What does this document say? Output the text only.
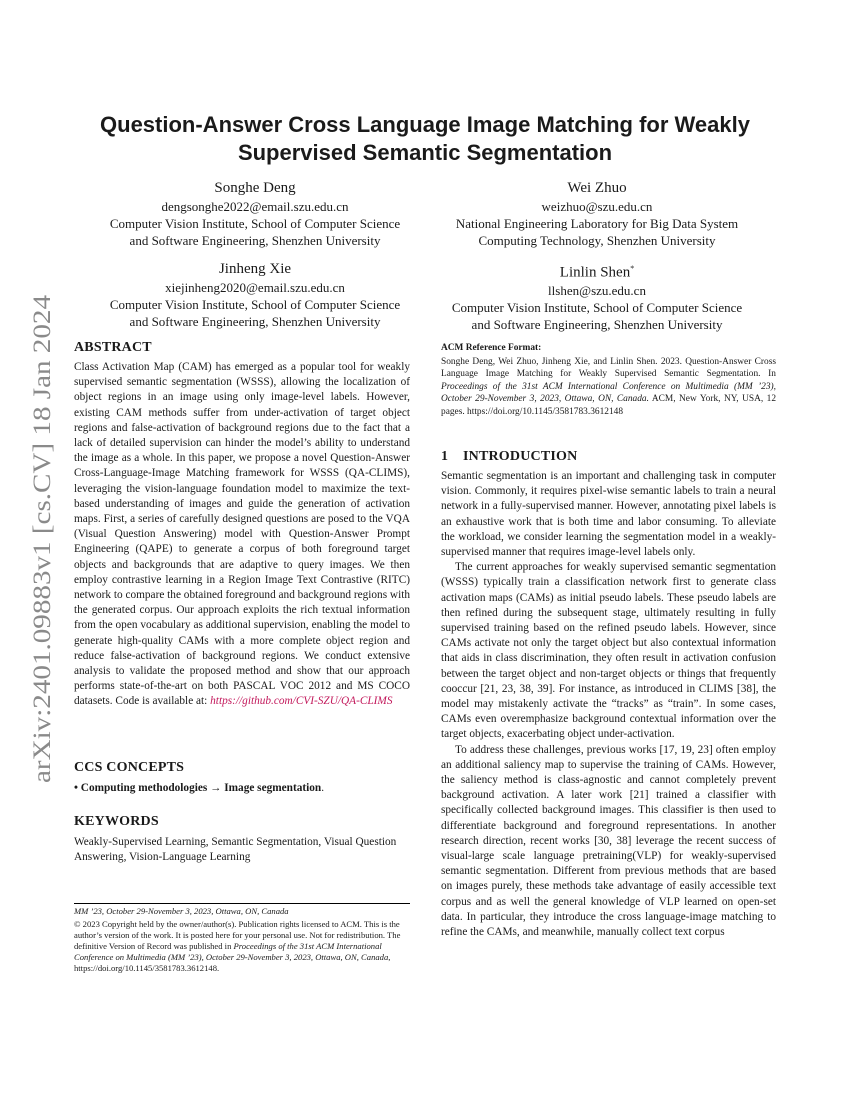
arXiv:2401.09883v1 [cs.CV] 18 Jan 2024
Question-Answer Cross Language Image Matching for Weakly Supervised Semantic Segmentation
Songhe Deng
dengsonghe2022@email.szu.edu.cn
Computer Vision Institute, School of Computer Science
and Software Engineering, Shenzhen University
Wei Zhuo
weizhuo@szu.edu.cn
National Engineering Laboratory for Big Data System
Computing Technology, Shenzhen University
Jinheng Xie
xiejinheng2020@email.szu.edu.cn
Computer Vision Institute, School of Computer Science
and Software Engineering, Shenzhen University
Linlin Shen*
llshen@szu.edu.cn
Computer Vision Institute, School of Computer Science
and Software Engineering, Shenzhen University
ABSTRACT

Class Activation Map (CAM) has emerged as a popular tool for weakly supervised semantic segmentation (WSSS), allowing the localization of object regions in an image using only image-level labels. However, existing CAM methods suffer from under-activation of target object regions and false-activation of background regions due to the fact that a lack of detailed supervision can hinder the model’s ability to understand the image as a whole. In this paper, we propose a novel Question-Answer Cross-Language-Image Matching framework for WSSS (QA-CLIMS), leveraging the vision-language foundation model to maximize the text-based understanding of images and guide the generation of activation maps. First, a series of carefully designed questions are posed to the VQA (Visual Question Answering) model with Question-Answer Prompt Engineering (QAPE) to generate a corpus of both foreground target objects and backgrounds that are adaptive to query images. We then employ contrastive learning in a Region Image Text Contrastive (RITC) network to compare the obtained foreground and background regions with the generated corpus. Our approach exploits the rich textual information from the open vocabulary as additional supervision, enabling the model to generate high-quality CAMs with a more complete object region and reduce false-activation of background regions. We conduct extensive analysis to validate the proposed method and show that our approach performs state-of-the-art on both PASCAL VOC 2012 and MS COCO datasets. Code is available at: https://github.com/CVI-SZU/QA-CLIMS

CCS CONCEPTS

• Computing methodologies → Image segmentation.

KEYWORDS

Weakly-Supervised Learning, Semantic Segmentation, Visual Question Answering, Vision-Language Learning

MM ’23, October 29-November 3, 2023, Ottawa, ON, Canada
© 2023 Copyright held by the owner/author(s). Publication rights licensed to ACM. This is the author’s version of the work. It is posted here for your personal use. Not for redistribution. The definitive Version of Record was published in Proceedings of the 31st ACM International Conference on Multimedia (MM ’23), October 29-November 3, 2023, Ottawa, ON, Canada, https://doi.org/10.1145/3581783.3612148.
ACM Reference Format:
Songhe Deng, Wei Zhuo, Jinheng Xie, and Linlin Shen. 2023. Question-Answer Cross Language Image Matching for Weakly Supervised Semantic Segmentation. In Proceedings of the 31st ACM International Conference on Multimedia (MM ’23), October 29-November 3, 2023, Ottawa, ON, Canada. ACM, New York, NY, USA, 12 pages. https://doi.org/10.1145/3581783.3612148
1    INTRODUCTION

Semantic segmentation is an important and challenging task in computer vision. Commonly, it requires pixel-wise semantic labels to train a neural network in a fully-supervised manner. However, annotating pixel labels is an exhaustive work that is both time and labor consuming. To alleviate the workload, we consider learning the segmentation model in a weakly-supervised manner that requires image-level labels only.

The current approaches for weakly supervised semantic segmentation (WSSS) typically train a classification network first to generate class activation maps (CAMs) as initial pseudo labels. These pseudo labels are then refined during the subsequent stage, ultimately resulting in fully supervised training based on the refined pseudo labels. However, since CAMs activate not only the target object but also contextual information that aids in class discrimination, they often result in activation confusion between the target object and non-target objects or things that frequently cooccur [21, 23, 38, 39]. For instance, as introduced in CLIMS [38], the model may mistakenly activate the “tracks” as “train”. In some cases, CAMs even overemphasize background contextual information over the target objects, exacerbating object under-activation.

To address these challenges, previous works [17, 19, 23] often employ an additional saliency map to supervise the training of CAMs. However, the saliency method is class-agnostic and cannot completely prevent background activation. A later work [21] trained a classifier with specifically collected background images. This classifier is then used to differentiate background and foreground representations. In another research direction, recent works [30, 38] leverage the recent success of visual-large scale language pretraining(VLP) for weakly-supervised semantic segmentation. Different from previous methods that are based on images purely, these methods take advantage of easily accessible text corpus and as well the general knowledge of VLP learned on open-set data. In particular, they introduce the cross language-image matching to refine the CAMs, and meanwhile, manually collect text corpus
